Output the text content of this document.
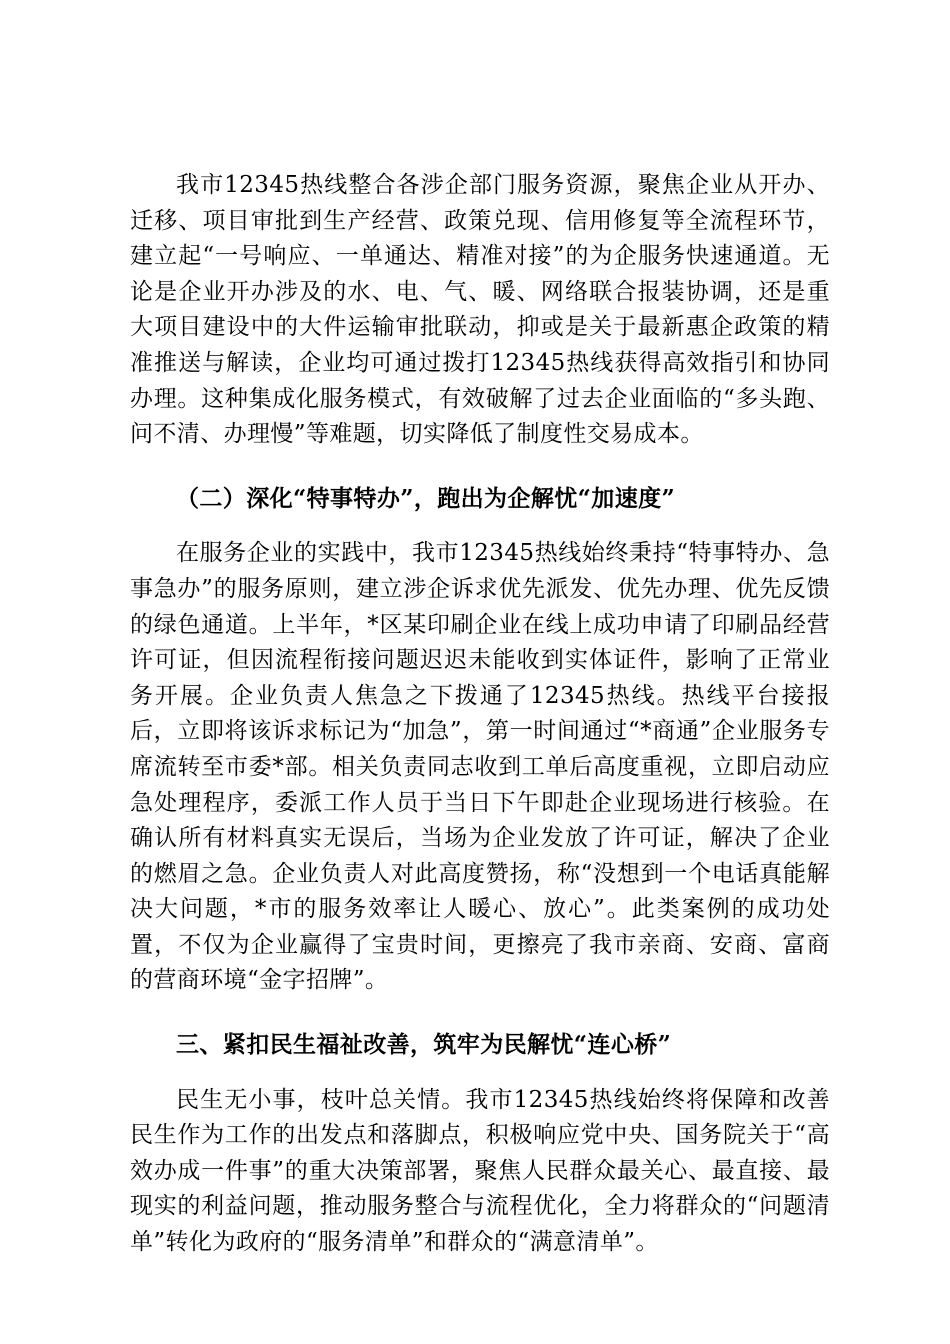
我市12345热线整合各涉企部门服务资源，聚焦企业从开办、迁移、项目审批到生产经营、政策兑现、信用修复等全流程环节，建立起“一号响应、一单通达、精准对接”的为企服务快速通道。无论是企业开办涉及的水、电、气、暖、网络联合报装协调，还是重大项目建设中的大件运输审批联动，抑或是关于最新惠企政策的精准推送与解读，企业均可通过拨打12345热线获得高效指引和协同办理。这种集成化服务模式，有效破解了过去企业面临的“多头跑、问不清、办理慢”等难题，切实降低了制度性交易成本。

（二）深化“特事特办”，跑出为企解忧“加速度”

在服务企业的实践中，我市12345热线始终秉持“特事特办、急事急办”的服务原则，建立涉企诉求优先派发、优先办理、优先反馈的绿色通道。上半年，*区某印刷企业在线上成功申请了印刷品经营许可证，但因流程衔接问题迟迟未能收到实体证件，影响了正常业务开展。企业负责人焦急之下拨通了12345热线。热线平台接报后，立即将该诉求标记为“加急”，第一时间通过“*商通”企业服务专席流转至市委*部。相关负责同志收到工单后高度重视，立即启动应急处理程序，委派工作人员于当日下午即赴企业现场进行核验。在确认所有材料真实无误后，当场为企业发放了许可证，解决了企业的燃眉之急。企业负责人对此高度赞扬，称“没想到一个电话真能解决大问题，*市的服务效率让人暖心、放心”。此类案例的成功处置，不仅为企业赢得了宝贵时间，更擦亮了我市亲商、安商、富商的营商环境“金字招牌”。

三、紧扣民生福祉改善，筑牢为民解忧“连心桥”

民生无小事，枝叶总关情。我市12345热线始终将保障和改善民生作为工作的出发点和落脚点，积极响应党中央、国务院关于“高效办成一件事”的重大决策部署，聚焦人民群众最关心、最直接、最现实的利益问题，推动服务整合与流程优化，全力将群众的“问题清单”转化为政府的“服务清单”和群众的“满意清单”。
